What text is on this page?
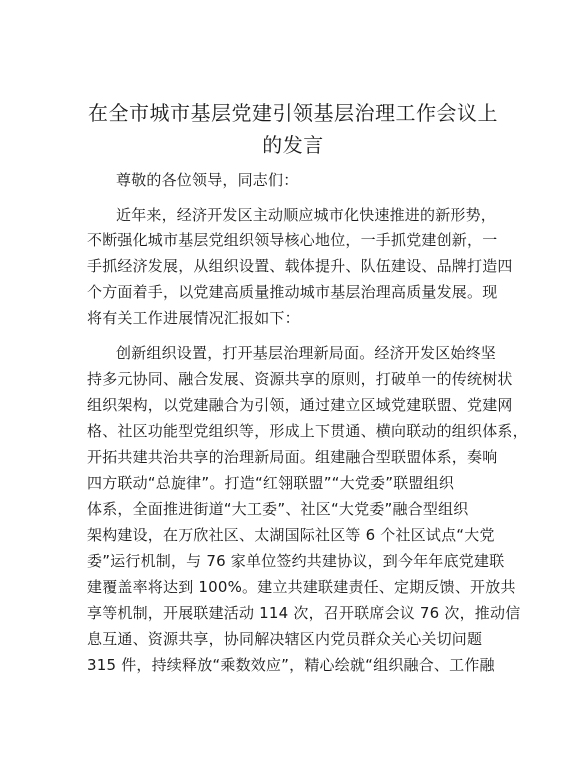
在全市城市基层党建引领基层治理工作会议上
的发言

尊敬的各位领导，同志们：

近年来，经济开发区主动顺应城市化快速推进的新形势，

不断强化城市基层党组织领导核心地位，一手抓党建创新，一

手抓经济发展，从组织设置、载体提升、队伍建设、品牌打造四

个方面着手，以党建高质量推动城市基层治理高质量发展。现

将有关工作进展情况汇报如下：

创新组织设置，打开基层治理新局面。经济开发区始终坚

持多元协同、融合发展、资源共享的原则，打破单一的传统树状

组织架构，以党建融合为引领，通过建立区域党建联盟、党建网

格、社区功能型党组织等，形成上下贯通、横向联动的组织体系，

开拓共建共治共享的治理新局面。组建融合型联盟体系，奏响

四方联动“总旋律”。打造“红翎联盟”“大党委”联盟组织

体系，全面推进街道“大工委”、社区“大党委”融合型组织

架构建设，在万欣社区、太湖国际社区等 6 个社区试点“大党

委”运行机制，与 76 家单位签约共建协议，到今年年底党建联

建覆盖率将达到 100%。建立共建联建责任、定期反馈、开放共

享等机制，开展联建活动 114 次，召开联席会议 76 次，推动信

息互通、资源共享，协同解决辖区内党员群众关心关切问题

315 件，持续释放“乘数效应”，精心绘就“组织融合、工作融
